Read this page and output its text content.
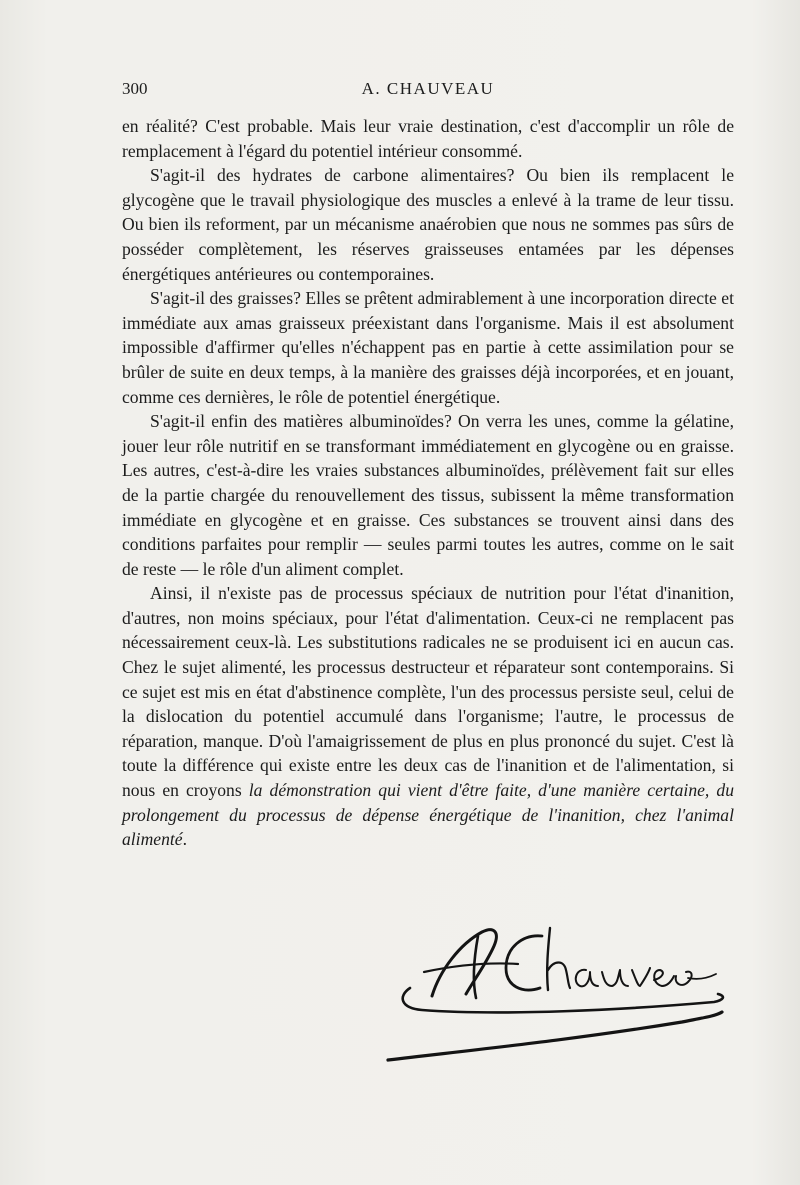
300	A. CHAUVEAU

en réalité? C'est probable. Mais leur vraie destination, c'est d'accomplir un rôle de remplacement à l'égard du potentiel intérieur consommé.

S'agit-il des hydrates de carbone alimentaires? Ou bien ils remplacent le glycogène que le travail physiologique des muscles a enlevé à la trame de leur tissu. Ou bien ils reforment, par un mécanisme anaérobien que nous ne sommes pas sûrs de posséder complètement, les réserves graisseuses entamées par les dépenses énergétiques antérieures ou contemporaines.

S'agit-il des graisses? Elles se prêtent admirablement à une incorporation directe et immédiate aux amas graisseux préexistant dans l'organisme. Mais il est absolument impossible d'affirmer qu'elles n'échappent pas en partie à cette assimilation pour se brûler de suite en deux temps, à la manière des graisses déjà incorporées, et en jouant, comme ces dernières, le rôle de potentiel énergétique.

S'agit-il enfin des matières albuminoïdes? On verra les unes, comme la gélatine, jouer leur rôle nutritif en se transformant immédiatement en glycogène ou en graisse. Les autres, c'est-à-dire les vraies substances albuminoïdes, prélèvement fait sur elles de la partie chargée du renouvellement des tissus, subissent la même transformation immédiate en glycogène et en graisse. Ces substances se trouvent ainsi dans des conditions parfaites pour remplir — seules parmi toutes les autres, comme on le sait de reste — le rôle d'un aliment complet.

Ainsi, il n'existe pas de processus spéciaux de nutrition pour l'état d'inanition, d'autres, non moins spéciaux, pour l'état d'alimentation. Ceux-ci ne remplacent pas nécessairement ceux-là. Les substitutions radicales ne se produisent ici en aucun cas. Chez le sujet alimenté, les processus destructeur et réparateur sont contemporains. Si ce sujet est mis en état d'abstinence complète, l'un des processus persiste seul, celui de la dislocation du potentiel accumulé dans l'organisme; l'autre, le processus de réparation, manque. D'où l'amaigrissement de plus en plus prononcé du sujet. C'est là toute la différence qui existe entre les deux cas de l'inanition et de l'alimentation, si nous en croyons la démonstration qui vient d'être faite, d'une manière certaine, du prolongement du processus de dépense énergétique de l'inanition, chez l'animal alimenté.
